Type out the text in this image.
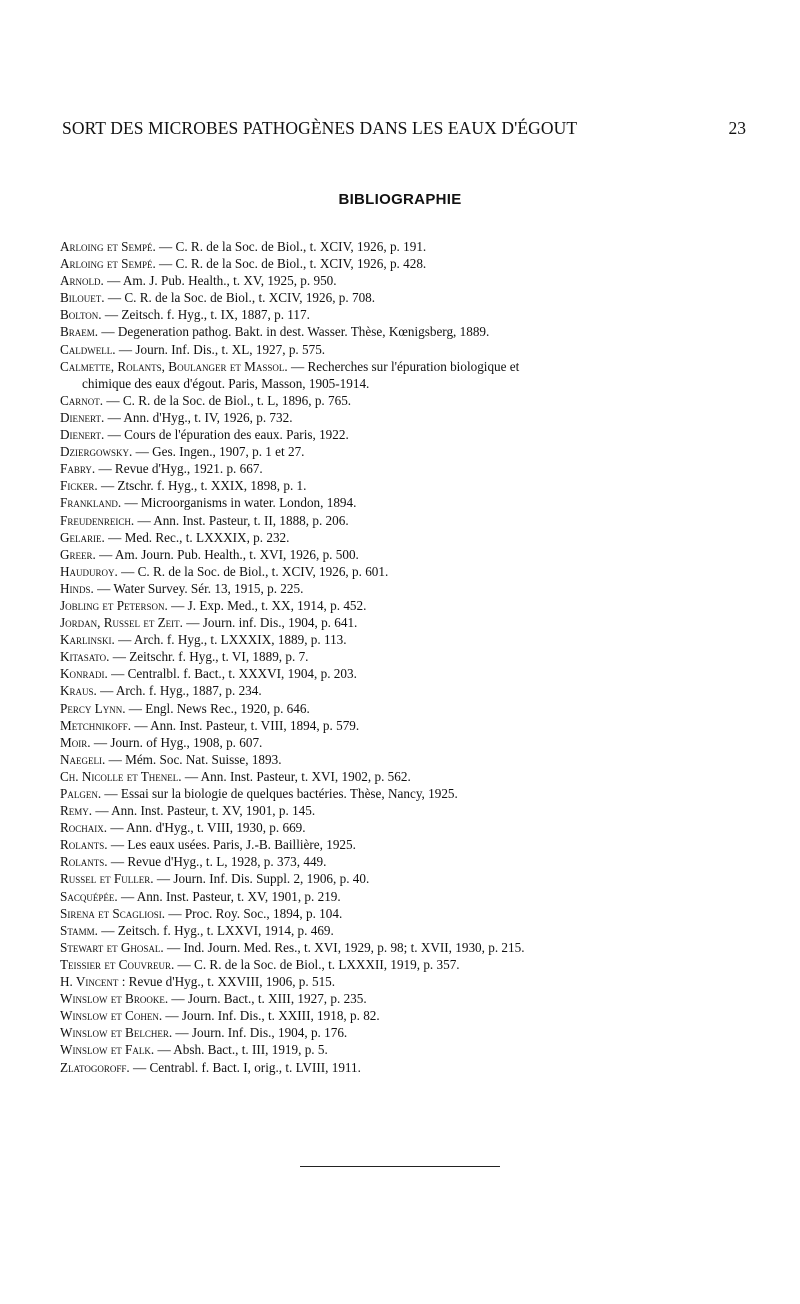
SORT DES MICROBES PATHOGÈNES DANS LES EAUX D'ÉGOUT	23
BIBLIOGRAPHIE
Arloing et Sempé. — C. R. de la Soc. de Biol., t. XCIV, 1926, p. 191.
Arloing et Sempé. — C. R. de la Soc. de Biol., t. XCIV, 1926, p. 428.
Arnold. — Am. J. Pub. Health., t. XV, 1925, p. 950.
Bilouet. — C. R. de la Soc. de Biol., t. XCIV, 1926, p. 708.
Bolton. — Zeitsch. f. Hyg., t. IX, 1887, p. 117.
Braem. — Degeneration pathog. Bakt. in dest. Wasser. Thèse, Kœnigsberg, 1889.
Caldwell. — Journ. Inf. Dis., t. XL, 1927, p. 575.
Calmette, Rolants, Boulanger et Massol. — Recherches sur l'épuration biologique et
chimique des eaux d'égout. Paris, Masson, 1905-1914.
Carnot. — C. R. de la Soc. de Biol., t. L, 1896, p. 765.
Dienert. — Ann. d'Hyg., t. IV, 1926, p. 732.
Dienert. — Cours de l'épuration des eaux. Paris, 1922.
Dziergowsky. — Ges. Ingen., 1907, p. 1 et 27.
Fabry. — Revue d'Hyg., 1921. p. 667.
Ficker. — Ztschr. f. Hyg., t. XXIX, 1898, p. 1.
Frankland. — Microorganisms in water. London, 1894.
Freudenreich. — Ann. Inst. Pasteur, t. II, 1888, p. 206.
Gelarie. — Med. Rec., t. LXXXIX, p. 232.
Greer. — Am. Journ. Pub. Health., t. XVI, 1926, p. 500.
Hauduroy. — C. R. de la Soc. de Biol., t. XCIV, 1926, p. 601.
Hinds. — Water Survey. Sér. 13, 1915, p. 225.
Jobling et Peterson. — J. Exp. Med., t. XX, 1914, p. 452.
Jordan, Russel et Zeit. — Journ. inf. Dis., 1904, p. 641.
Karlinski. — Arch. f. Hyg., t. LXXXIX, 1889, p. 113.
Kitasato. — Zeitschr. f. Hyg., t. VI, 1889, p. 7.
Konradi. — Centralbl. f. Bact., t. XXXVI, 1904, p. 203.
Kraus. — Arch. f. Hyg., 1887, p. 234.
Percy Lynn. — Engl. News Rec., 1920, p. 646.
Metchnikoff. — Ann. Inst. Pasteur, t. VIII, 1894, p. 579.
Moir. — Journ. of Hyg., 1908, p. 607.
Naegeli. — Mém. Soc. Nat. Suisse, 1893.
Ch. Nicolle et Thenel. — Ann. Inst. Pasteur, t. XVI, 1902, p. 562.
Palgen. — Essai sur la biologie de quelques bactéries. Thèse, Nancy, 1925.
Remy. — Ann. Inst. Pasteur, t. XV, 1901, p. 145.
Rochaix. — Ann. d'Hyg., t. VIII, 1930, p. 669.
Rolants. — Les eaux usées. Paris, J.-B. Baillière, 1925.
Rolants. — Revue d'Hyg., t. L, 1928, p. 373, 449.
Russel et Fuller. — Journ. Inf. Dis. Suppl. 2, 1906, p. 40.
Sacquépée. — Ann. Inst. Pasteur, t. XV, 1901, p. 219.
Sirena et Scagliosi. — Proc. Roy. Soc., 1894, p. 104.
Stamm. — Zeitsch. f. Hyg., t. LXXVI, 1914, p. 469.
Stewart et Ghosal. — Ind. Journ. Med. Res., t. XVI, 1929, p. 98; t. XVII, 1930, p. 215.
Teissier et Couvreur. — C. R. de la Soc. de Biol., t. LXXXII, 1919, p. 357.
H. Vincent : Revue d'Hyg., t. XXVIII, 1906, p. 515.
Winslow et Brooke. — Journ. Bact., t. XIII, 1927, p. 235.
Winslow et Cohen. — Journ. Inf. Dis., t. XXIII, 1918, p. 82.
Winslow et Belcher. — Journ. Inf. Dis., 1904, p. 176.
Winslow et Falk. — Absh. Bact., t. III, 1919, p. 5.
Zlatogoroff. — Centrabl. f. Bact. I, orig., t. LVIII, 1911.
